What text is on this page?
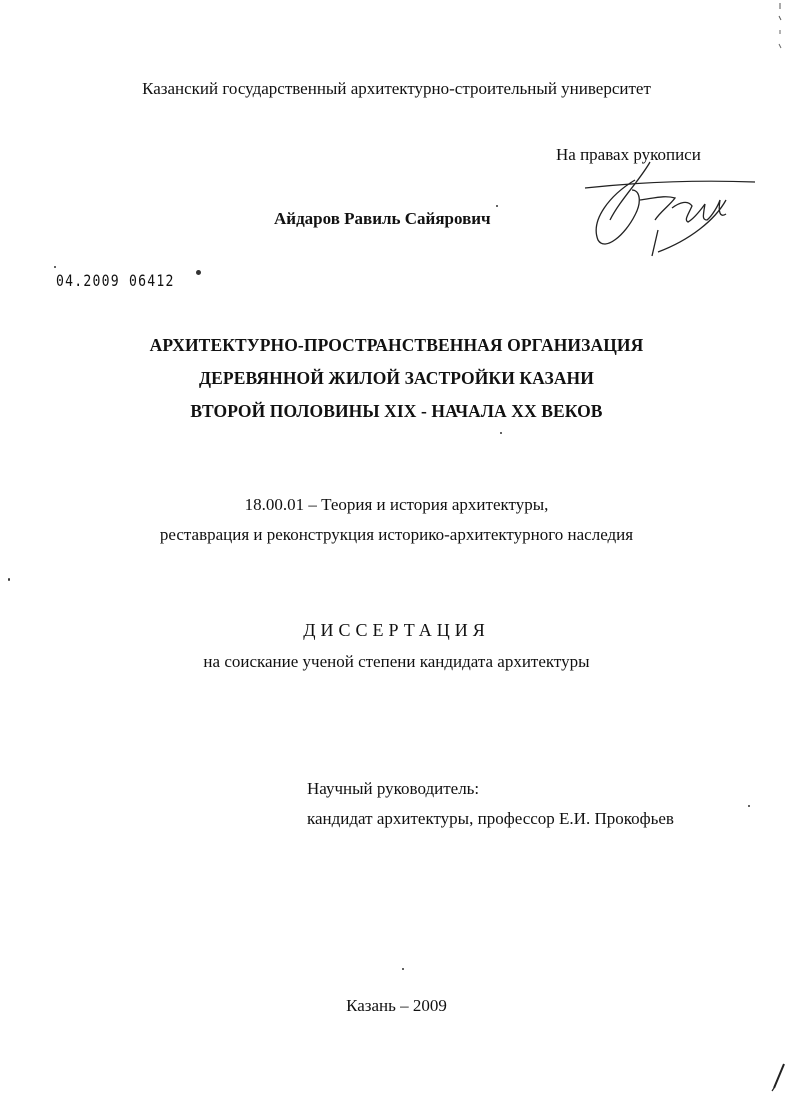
Казанский государственный архитектурно-строительный университет
На правах рукописи
Айдаров Равиль Сайярович
04.2009 06412
АРХИТЕКТУРНО-ПРОСТРАНСТВЕННАЯ ОРГАНИЗАЦИЯ
ДЕРЕВЯННОЙ ЖИЛОЙ ЗАСТРОЙКИ КАЗАНИ
ВТОРОЙ ПОЛОВИНЫ XIX - НАЧАЛА XX ВЕКОВ
18.00.01 – Теория и история архитектуры,
реставрация и реконструкция историко-архитектурного наследия
ДИССЕРТАЦИЯ
на соискание ученой степени кандидата архитектуры
Научный руководитель:
кандидат архитектуры, профессор Е.И. Прокофьев
Казань – 2009
